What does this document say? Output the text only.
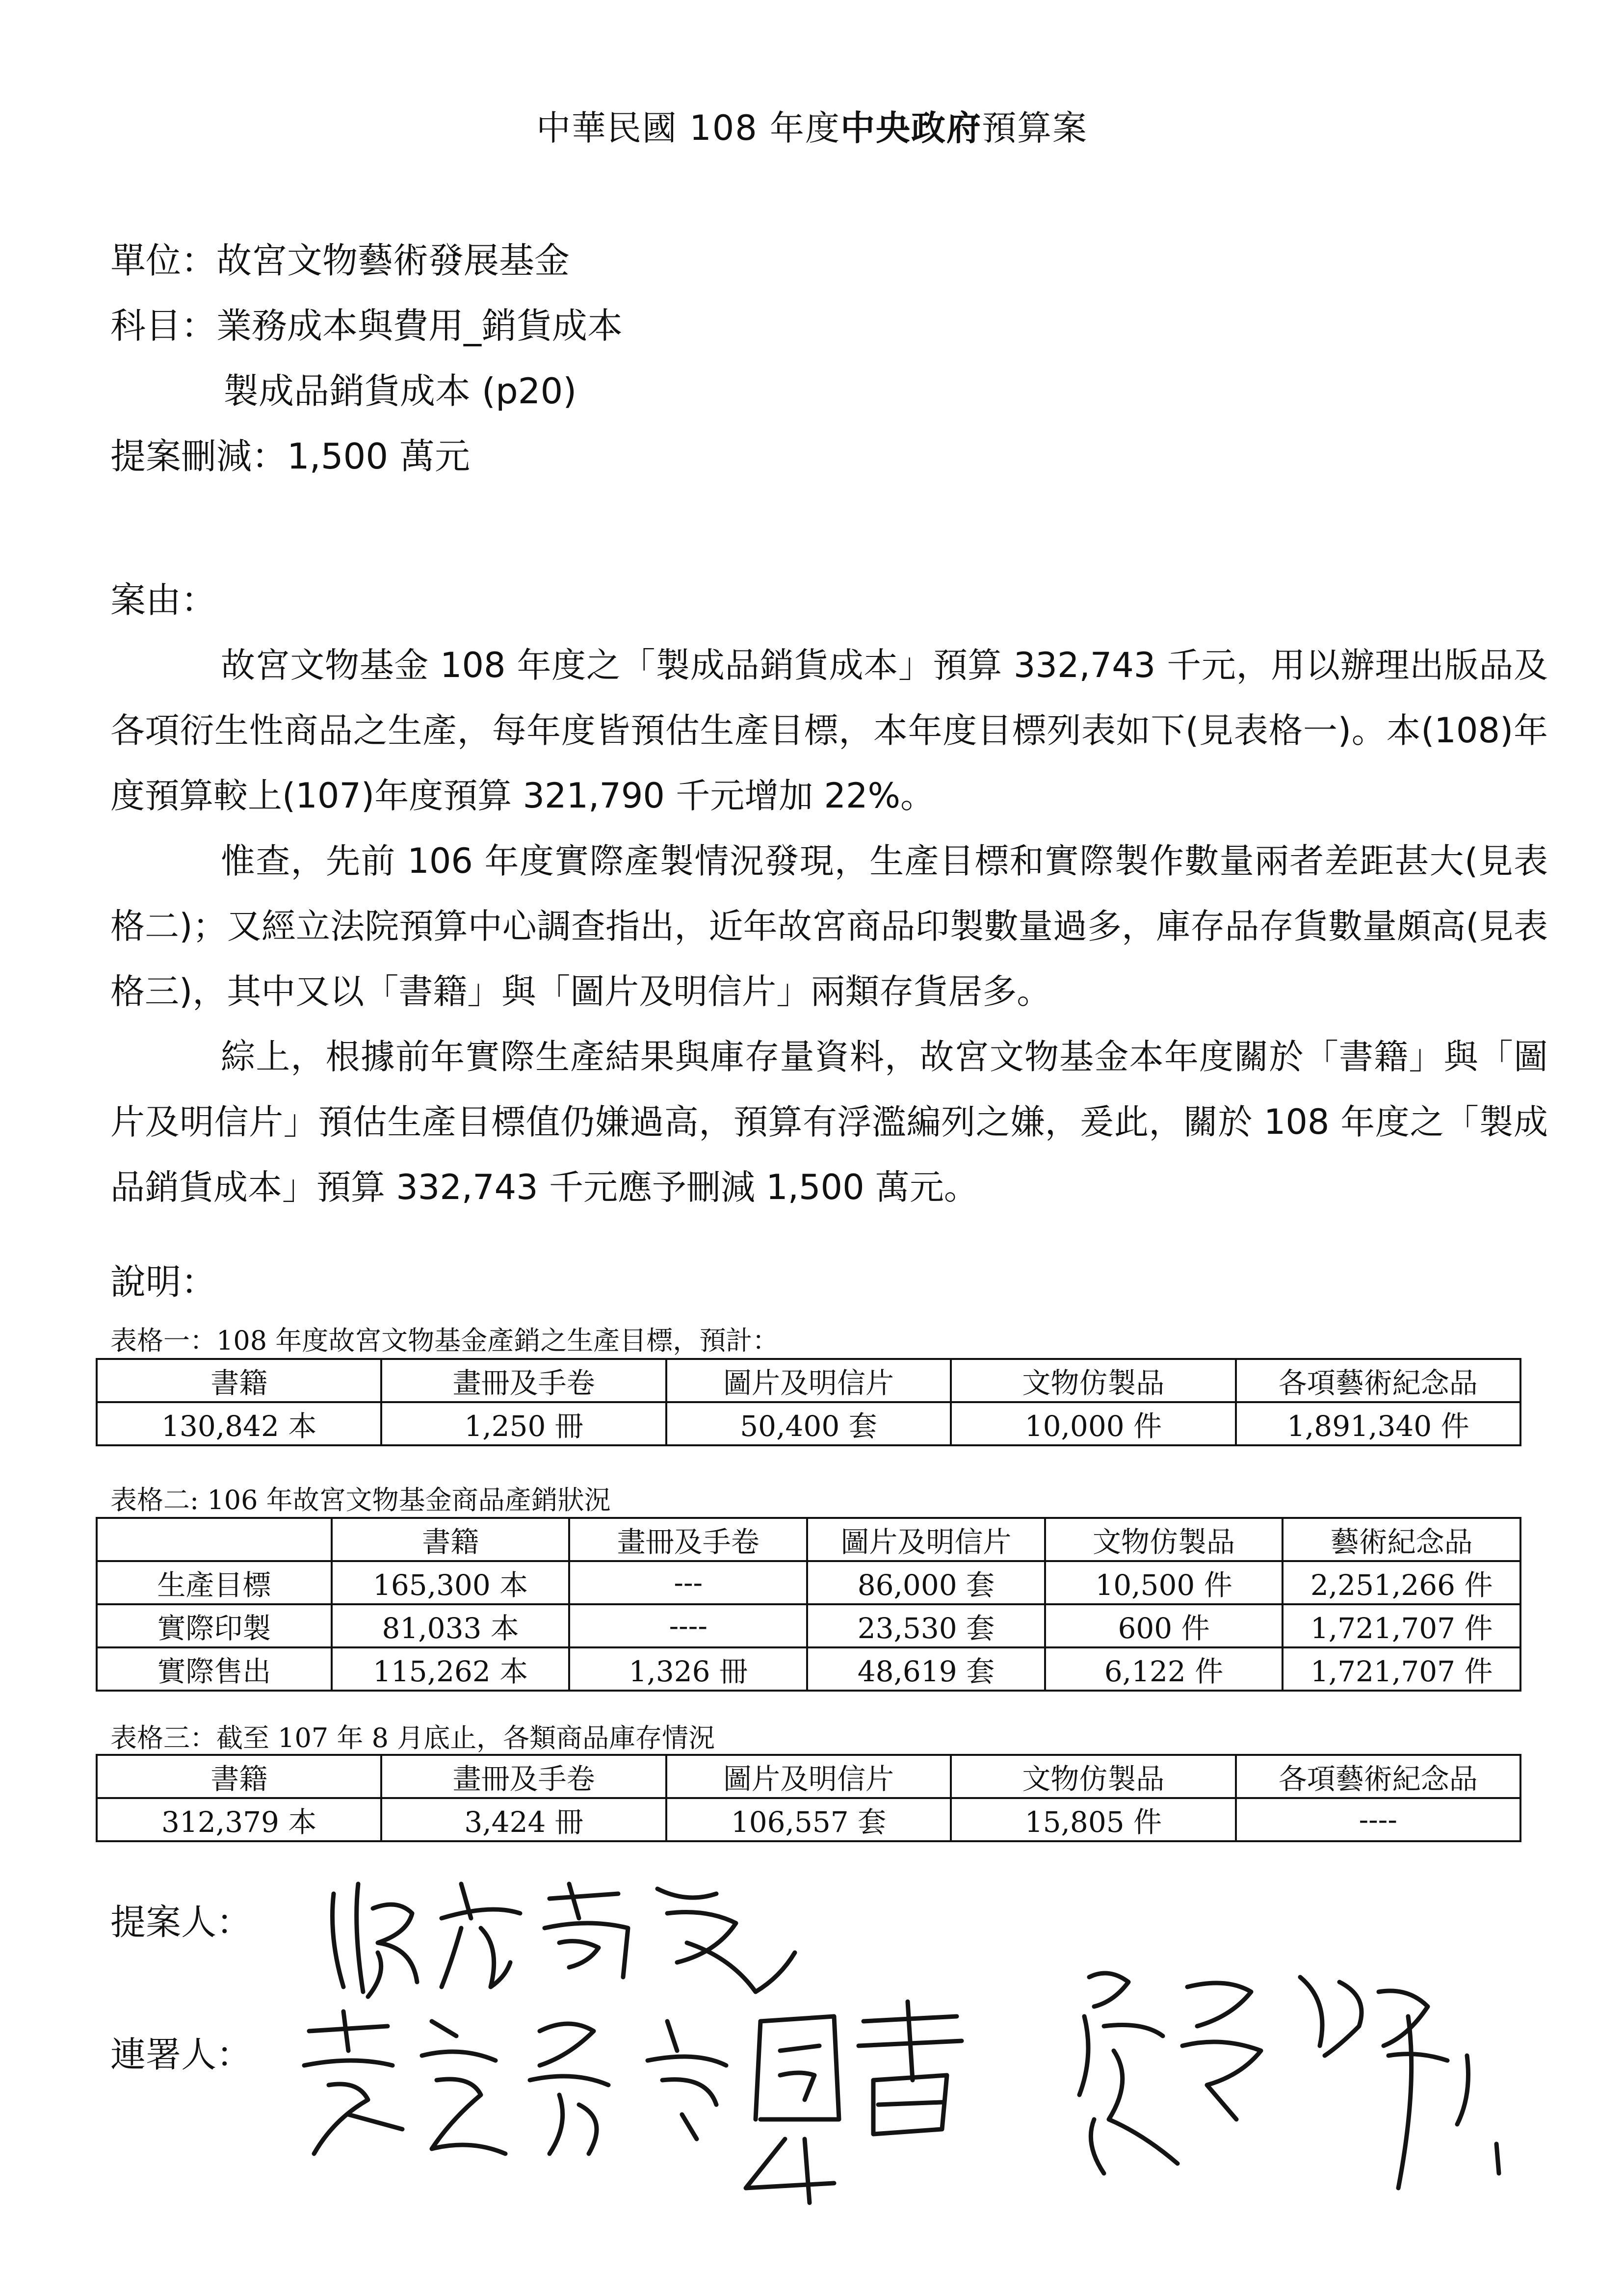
中華民國 108 年度中央政府預算案
單位：故宮文物藝術發展基金
科目：業務成本與費用_銷貨成本
製成品銷貨成本 (p20)
提案刪減：1,500 萬元
案由：

故宮文物基金 108 年度之「製成品銷貨成本」預算 332,743 千元，用以辦理出版品及各項衍生性商品之生產，每年度皆預估生產目標，本年度目標列表如下(見表格一)。本(108)年度預算較上(107)年度預算 321,790 千元增加 22%。

惟查，先前 106 年度實際產製情況發現，生產目標和實際製作數量兩者差距甚大(見表格二)；又經立法院預算中心調查指出，近年故宮商品印製數量過多，庫存品存貨數量頗高(見表格三)，其中又以「書籍」與「圖片及明信片」兩類存貨居多。

綜上，根據前年實際生產結果與庫存量資料，故宮文物基金本年度關於「書籍」與「圖片及明信片」預估生產目標值仍嫌過高，預算有浮濫編列之嫌，爰此，關於 108 年度之「製成品銷貨成本」預算 332,743 千元應予刪減 1,500 萬元。

說明：
表格一：108 年度故宮文物基金產銷之生產目標，預計：
書籍	畫冊及手卷	圖片及明信片	文物仿製品	各項藝術紀念品
130,842 本	1,250 冊	50,400 套	10,000 件	1,891,340 件
表格二: 106 年故宮文物基金商品產銷狀況
	書籍	畫冊及手卷	圖片及明信片	文物仿製品	藝術紀念品
生產目標	165,300 本	---	86,000 套	10,500 件	2,251,266 件
實際印製	81,033 本	----	23,530 套	600 件	1,721,707 件
實際售出	115,262 本	1,326 冊	48,619 套	6,122 件	1,721,707 件
表格三：截至 107 年 8 月底止，各類商品庫存情況
書籍	畫冊及手卷	圖片及明信片	文物仿製品	各項藝術紀念品
312,379 本	3,424 冊	106,557 套	15,805 件	----
提案人：
連署人：
